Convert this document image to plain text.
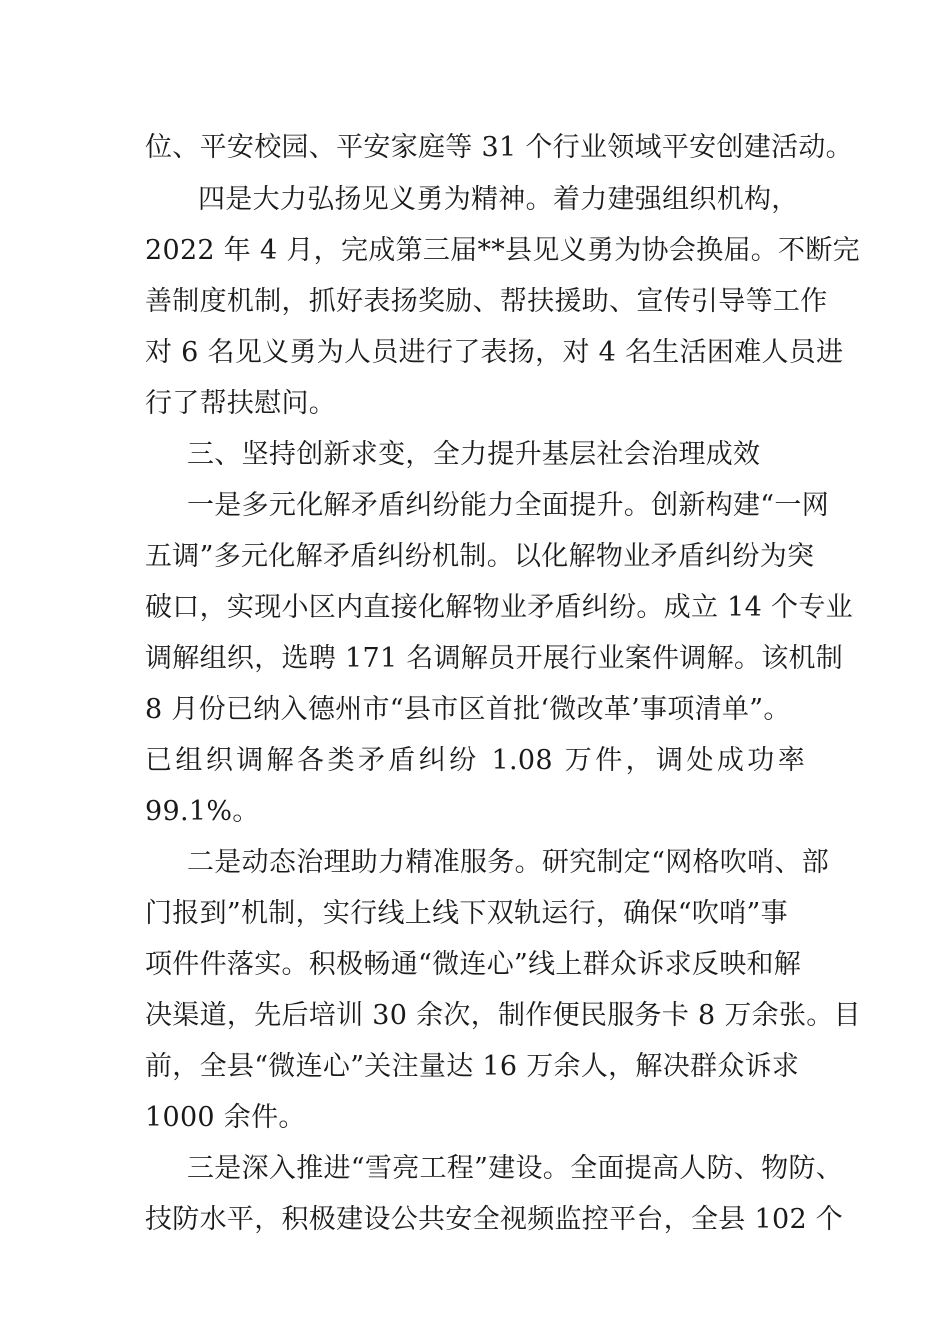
位、平安校园、平安家庭等 31 个行业领域平安创建活动。
四是大力弘扬见义勇为精神。着力建强组织机构，
2022 年 4 月，完成第三届**县见义勇为协会换届。不断完
善制度机制，抓好表扬奖励、帮扶援助、宣传引导等工作
对 6 名见义勇为人员进行了表扬，对 4 名生活困难人员进
行了帮扶慰问。
三、坚持创新求变，全力提升基层社会治理成效
一是多元化解矛盾纠纷能力全面提升。创新构建“一网
五调”多元化解矛盾纠纷机制。以化解物业矛盾纠纷为突
破口，实现小区内直接化解物业矛盾纠纷。成立 14 个专业
调解组织，选聘 171 名调解员开展行业案件调解。该机制
8 月份已纳入德州市“县市区首批‘微改革’事项清单”。
已组织调解各类矛盾纠纷 1.08 万件，调处成功率
99.1%。
二是动态治理助力精准服务。研究制定“网格吹哨、部
门报到”机制，实行线上线下双轨运行，确保“吹哨”事
项件件落实。积极畅通“微连心”线上群众诉求反映和解
决渠道，先后培训 30 余次，制作便民服务卡 8 万余张。目
前，全县“微连心”关注量达 16 万余人，解决群众诉求
1000 余件。
三是深入推进“雪亮工程”建设。全面提高人防、物防、
技防水平，积极建设公共安全视频监控平台，全县 102 个
